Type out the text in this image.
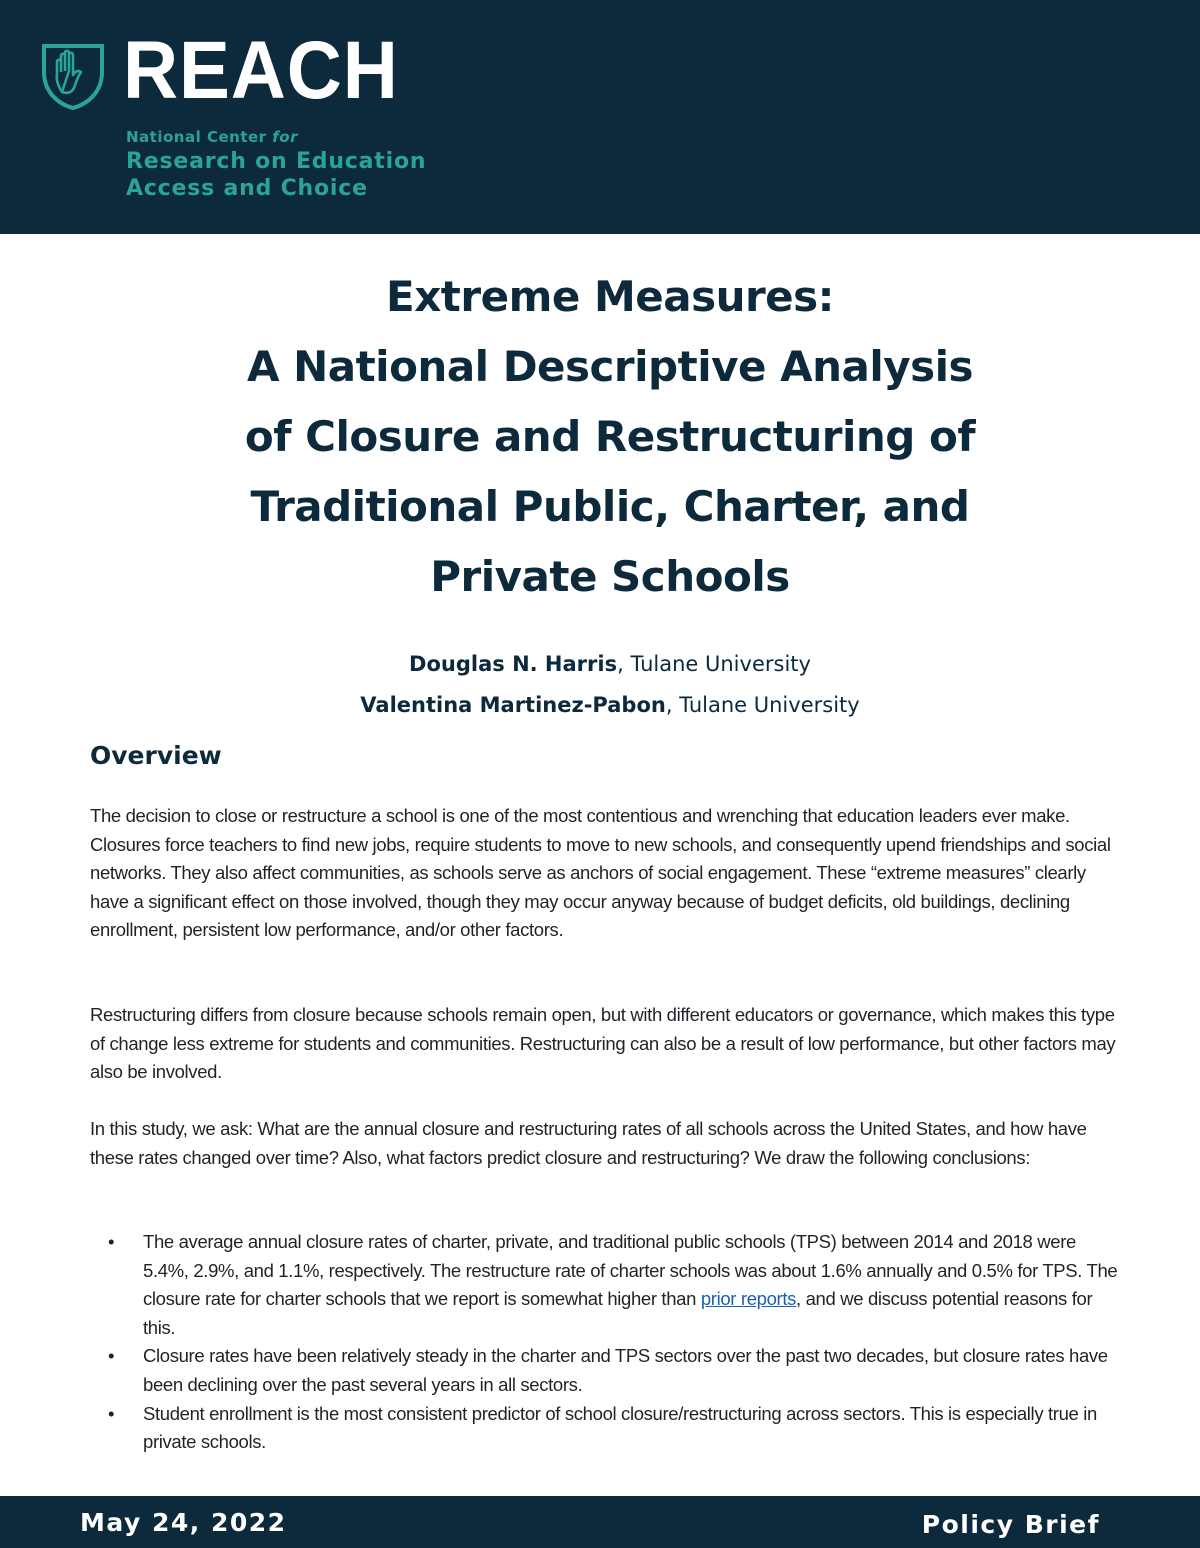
REACH
National Center for
Research on Education
Access and Choice
Extreme Measures:
A National Descriptive Analysis
of Closure and Restructuring of
Traditional Public, Charter, and
Private Schools
Douglas N. Harris, Tulane University
Valentina Martinez-Pabon, Tulane University
Overview

The decision to close or restructure a school is one of the most contentious and wrenching that education leaders ever make. Closures force teachers to find new jobs, require students to move to new schools, and consequently upend friendships and social networks. They also affect communities, as schools serve as anchors of social engagement. These “extreme measures” clearly have a significant effect on those involved, though they may occur anyway because of budget deficits, old buildings, declining enrollment, persistent low performance, and/or other factors.

Restructuring differs from closure because schools remain open, but with different educators or governance, which makes this type of change less extreme for students and communities. Restructuring can also be a result of low performance, but other factors may also be involved.

In this study, we ask: What are the annual closure and restructuring rates of all schools across the United States, and how have these rates changed over time? Also, what factors predict closure and restructuring? We draw the following conclusions:

• The average annual closure rates of charter, private, and traditional public schools (TPS) between 2014 and 2018 were 5.4%, 2.9%, and 1.1%, respectively. The restructure rate of charter schools was about 1.6% annually and 0.5% for TPS. The closure rate for charter schools that we report is somewhat higher than prior reports, and we discuss potential reasons for this.
• Closure rates have been relatively steady in the charter and TPS sectors over the past two decades, but closure rates have been declining over the past several years in all sectors.
• Student enrollment is the most consistent predictor of school closure/restructuring across sectors. This is especially true in private schools.
May 24, 2022	Policy Brief
